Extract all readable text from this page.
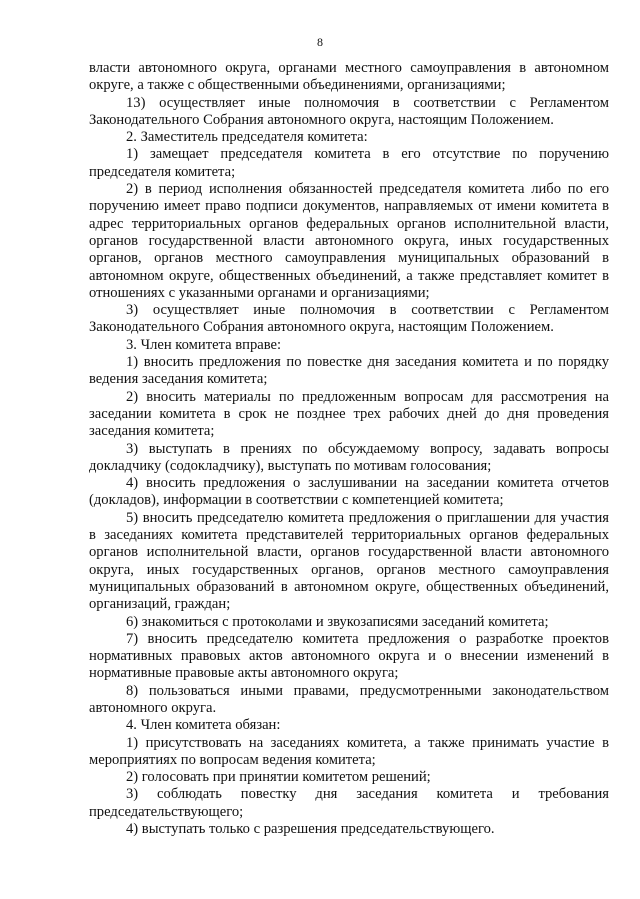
8

власти автономного округа, органами местного самоуправления в автономном округе, а также с общественными объединениями, организациями;

13) осуществляет иные полномочия в соответствии с Регламентом Законодательного Собрания автономного округа, настоящим Положением.

2. Заместитель председателя комитета:

1) замещает председателя комитета в его отсутствие по поручению председателя комитета;

2) в период исполнения обязанностей председателя комитета либо по его поручению имеет право подписи документов, направляемых от имени комитета в адрес территориальных органов федеральных органов исполнительной власти, органов государственной власти автономного округа, иных государственных органов, органов местного самоуправления муниципальных образований в автономном округе, общественных объединений, а также представляет комитет в отношениях с указанными органами и организациями;

3) осуществляет иные полномочия в соответствии с Регламентом Законодательного Собрания автономного округа, настоящим Положением.

3. Член комитета вправе:

1) вносить предложения по повестке дня заседания комитета и по порядку ведения заседания комитета;

2) вносить материалы по предложенным вопросам для рассмотрения на заседании комитета в срок не позднее трех рабочих дней до дня проведения заседания комитета;

3) выступать в прениях по обсуждаемому вопросу, задавать вопросы докладчику (содокладчику), выступать по мотивам голосования;

4) вносить предложения о заслушивании на заседании комитета отчетов (докладов), информации в соответствии с компетенцией комитета;

5) вносить председателю комитета предложения о приглашении для участия в заседаниях комитета представителей территориальных органов федеральных органов исполнительной власти, органов государственной власти автономного округа, иных государственных органов, органов местного самоуправления муниципальных образований в автономном округе, общественных объединений, организаций, граждан;

6) знакомиться с протоколами и звукозаписями заседаний комитета;

7) вносить председателю комитета предложения о разработке проектов нормативных правовых актов автономного округа и о внесении изменений в нормативные правовые акты автономного округа;

8) пользоваться иными правами, предусмотренными законодательством автономного округа.

4. Член комитета обязан:

1) присутствовать на заседаниях комитета, а также принимать участие в мероприятиях по вопросам ведения комитета;

2) голосовать при принятии комитетом решений;

3) соблюдать повестку дня заседания комитета и требования председательствующего;

4) выступать только с разрешения председательствующего.
